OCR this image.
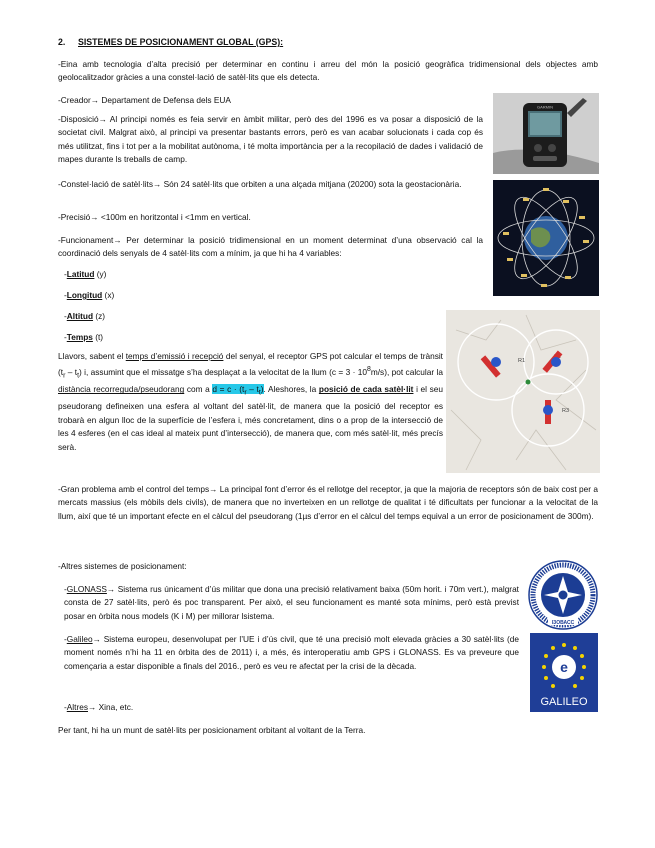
2. SISTEMES DE POSICIONAMENT GLOBAL (GPS):

-Eina amb tecnologia d’alta precisió per determinar en continu i arreu del món la posició geogràfica tridimensional dels objectes amb geolocalitzador gràcies a una constel·lació de satèl·lits que els detecta.

-Creador→ Departament de Defensa dels EUA

-Disposició→ Al principi només es feia servir en àmbit militar, però des del 1996 es va posar a disposició de la societat civil. Malgrat això, al principi va presentar bastants errors, però es van acabar solucionats i cada cop és més utilitzat, fins i tot per a la mobilitat autònoma, i té molta importància per a la recopilació de dades i validació de mapes durante ls treballs de camp.

-Constel·lació de satèl·lits→ Són 24 satèl·lits que orbiten a una alçada mitjana (20200) sota la geostacionària.

-Precisió→ <100m en horitzontal i <1mm en vertical.

-Funcionament→ Per determinar la posició tridimensional en un moment determinat d’una observació cal la coordinació dels senyals de 4 satèl·lits com a mínim, ja que hi ha 4 variables:

-Latitud (y)

-Longitud (x)

-Altitud (z)

-Temps (t)

Llavors, sabent el temps d’emissió i recepció del senyal, el receptor GPS pot calcular el temps de trànsit $(t_r - t_t)$ i, assumint que el missatge s’ha desplaçat a la velocitat de la llum $(c = 3 \cdot 10^8m/s)$, pot calcular la distància recorreguda/pseudorang com a $d = c \cdot (t_r - t_t)$. Aleshores, la posició de cada satèl·lit i el seu pseudorang defineixen una esfera al voltant del satèl·lit, de manera que la posició del receptor es trobarà en algun lloc de la superfície de l’esfera i, més concretament, dins o a prop de la intersecció de les 4 esferes (en el cas ideal al mateix punt d’intersecció), de manera que, com més satèl·lit, més precís serà.

-Gran problema amb el control del temps→ La principal font d’error és el rellotge del receptor, ja que la majoria de receptors són de baix cost per a mercats massius (els mòbils dels civils), de manera que no inverteixen en un rellotge de qualitat i té dificultats per funcionar a la velocitat de la llum, així que té un important efecte en el càlcul del pseudorang (1µs d’error en el càlcul del temps equival a un error de posicionament de 300m).

-Altres sistemes de posicionament:

-GLONASS→ Sistema rus únicament d’ús militar que dona una precisió relativament baixa (50m horit. i 70m vert.), malgrat consta de 27 satèl·lits, però és poc transparent. Per això, el seu funcionament es manté sota mínims, però està previst posar en òrbita nous models (K i M) per millorar lsistema.

-Galileo→ Sistema europeu, desenvolupat per l’UE i d’ús civil, que té una precisió molt elevada gràcies a 30 satèl·lits (de moment només n’hi ha 11 en òrbita des de 2011) i, a més, és interoperatiu amb GPS i GLONASS. Es va preveure que començaria a estar disponible a finals del 2016., però es veu re afectat per la crisi de la dècada.

-Altres→ Xina, etc.

Per tant, hi ha un munt de satèl·lits per posicionament orbitant al voltant de la Terra.

GARMIN
R1
R3
IЗОВАСС
e
GALILEO
